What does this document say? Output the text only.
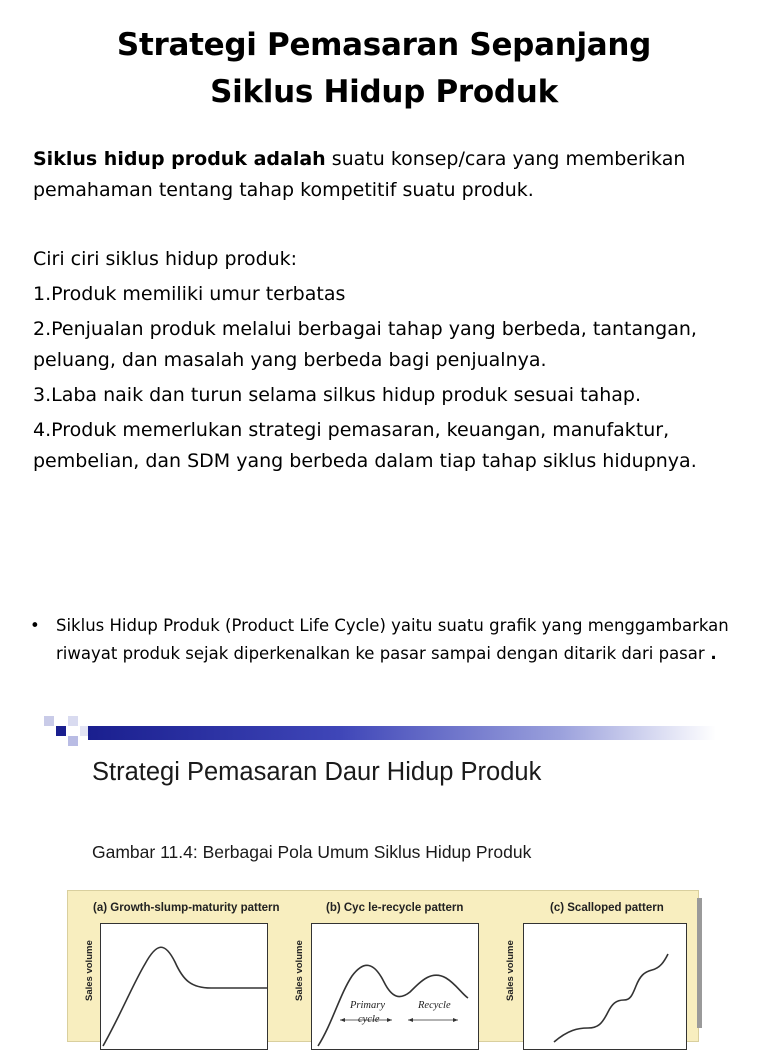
Strategi Pemasaran Sepanjang
Siklus Hidup Produk
Siklus hidup produk adalah suatu konsep/cara yang memberikan pemahaman tentang tahap kompetitif suatu produk.

Ciri ciri siklus hidup produk:

1.Produk memiliki umur terbatas

2.Penjualan produk melalui berbagai tahap yang berbeda, tantangan, peluang, dan masalah yang berbeda bagi penjualnya.

3.Laba naik dan turun selama silkus hidup produk sesuai tahap.

4.Produk memerlukan strategi pemasaran, keuangan, manufaktur, pembelian, dan SDM yang berbeda dalam tiap tahap siklus hidupnya.

• Siklus Hidup Produk (Product Life Cycle) yaitu suatu grafik yang menggambarkan riwayat produk sejak diperkenalkan ke pasar sampai dengan ditarik dari pasar .
Strategi Pemasaran Daur Hidup Produk
Gambar 11.4: Berbagai Pola Umum Siklus Hidup Produk
(a) Growth-slump-maturity pattern
Sales volume
(b) Cyc le-recycle pattern
Sales volume
Primary
cycle
Recycle
(c) Scalloped pattern
Sales volume
